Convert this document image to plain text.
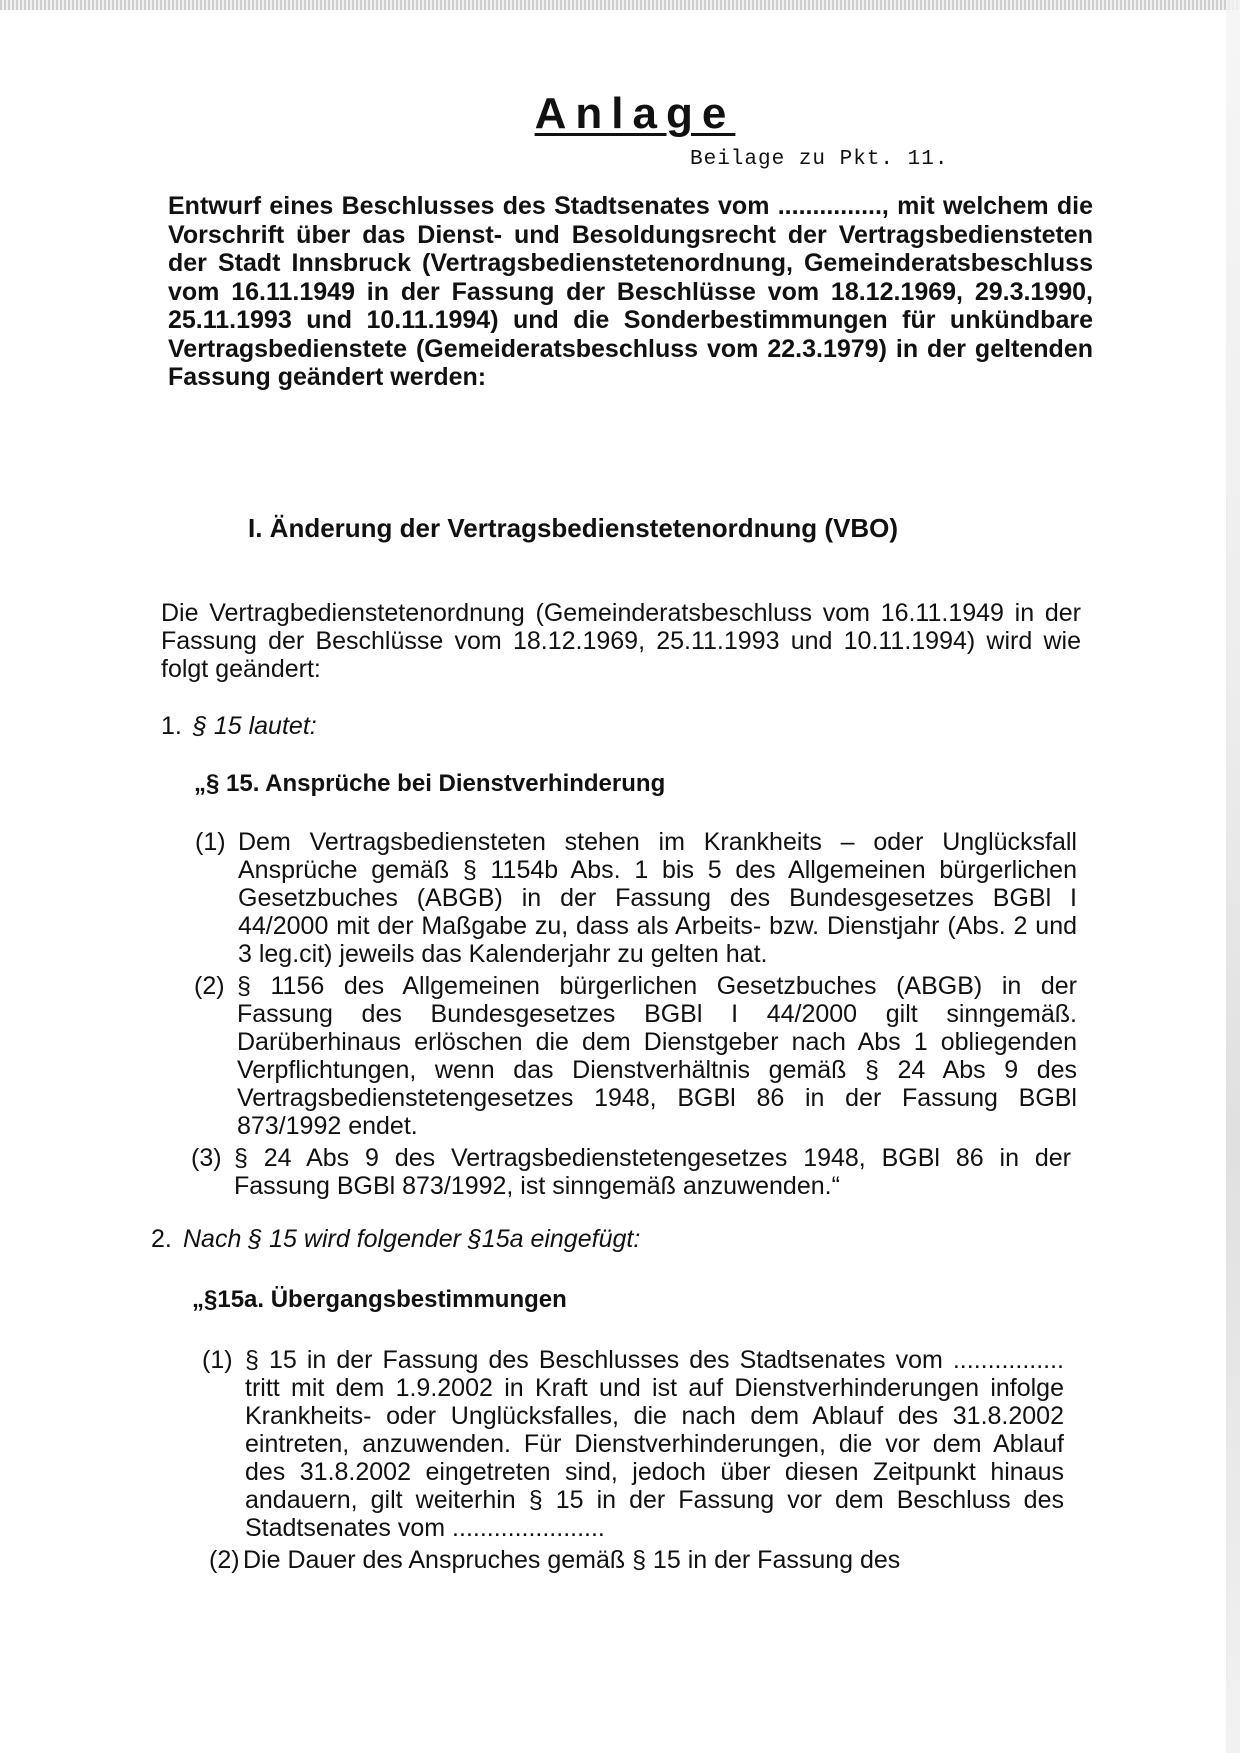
Anlage
Beilage zu Pkt. 11.

Entwurf eines Beschlusses des Stadtsenates vom ..............., mit welchem die Vorschrift über das Dienst- und Besoldungsrecht der Vertragsbediensteten der Stadt Innsbruck (Vertragsbedienstetenordnung, Gemeinderatsbeschluss vom 16.11.1949 in der Fassung der Beschlüsse vom 18.12.1969, 29.3.1990, 25.11.1993 und 10.11.1994) und die Sonderbestimmungen für unkündbare Vertragsbedienstete (Gemeideratsbeschluss vom 22.3.1979) in der geltenden Fassung geändert werden:

I. Änderung der Vertragsbedienstetenordnung (VBO)

Die Vertragbedienstetenordnung (Gemeinderatsbeschluss vom 16.11.1949 in der Fassung der Beschlüsse vom 18.12.1969, 25.11.1993 und 10.11.1994) wird wie folgt geändert:

1. § 15 lautet:
„§ 15. Ansprüche bei Dienstverhinderung
(1) Dem Vertragsbediensteten stehen im Krankheits – oder Unglücksfall Ansprüche gemäß § 1154b Abs. 1 bis 5 des Allgemeinen bürgerlichen Gesetzbuches (ABGB) in der Fassung des Bundesgesetzes BGBl I 44/2000 mit der Maßgabe zu, dass als Arbeits- bzw. Dienstjahr (Abs. 2 und 3 leg.cit) jeweils das Kalenderjahr zu gelten hat.
(2) § 1156 des Allgemeinen bürgerlichen Gesetzbuches (ABGB) in der Fassung des Bundesgesetzes BGBl I 44/2000 gilt sinngemäß. Darüberhinaus erlöschen die dem Dienstgeber nach Abs 1 obliegenden Verpflichtungen, wenn das Dienstverhältnis gemäß § 24 Abs 9 des Vertragsbedienstetengesetzes 1948, BGBl 86 in der Fassung BGBl 873/1992 endet.
(3) § 24 Abs 9 des Vertragsbedienstetengesetzes 1948, BGBl 86 in der Fassung BGBl 873/1992, ist sinngemäß anzuwenden.“
2. Nach § 15 wird folgender §15a eingefügt:
„§15a. Übergangsbestimmungen
(1) § 15 in der Fassung des Beschlusses des Stadtsenates vom ................ tritt mit dem 1.9.2002 in Kraft und ist auf Dienstverhinderungen infolge Krankheits- oder Unglücksfalles, die nach dem Ablauf des 31.8.2002 eintreten, anzuwenden. Für Dienstverhinderungen, die vor dem Ablauf des 31.8.2002 eingetreten sind, jedoch über diesen Zeitpunkt hinaus andauern, gilt weiterhin § 15 in der Fassung vor dem Beschluss des Stadtsenates vom ......................
(2) Die Dauer des Anspruches gemäß § 15 in der Fassung des
